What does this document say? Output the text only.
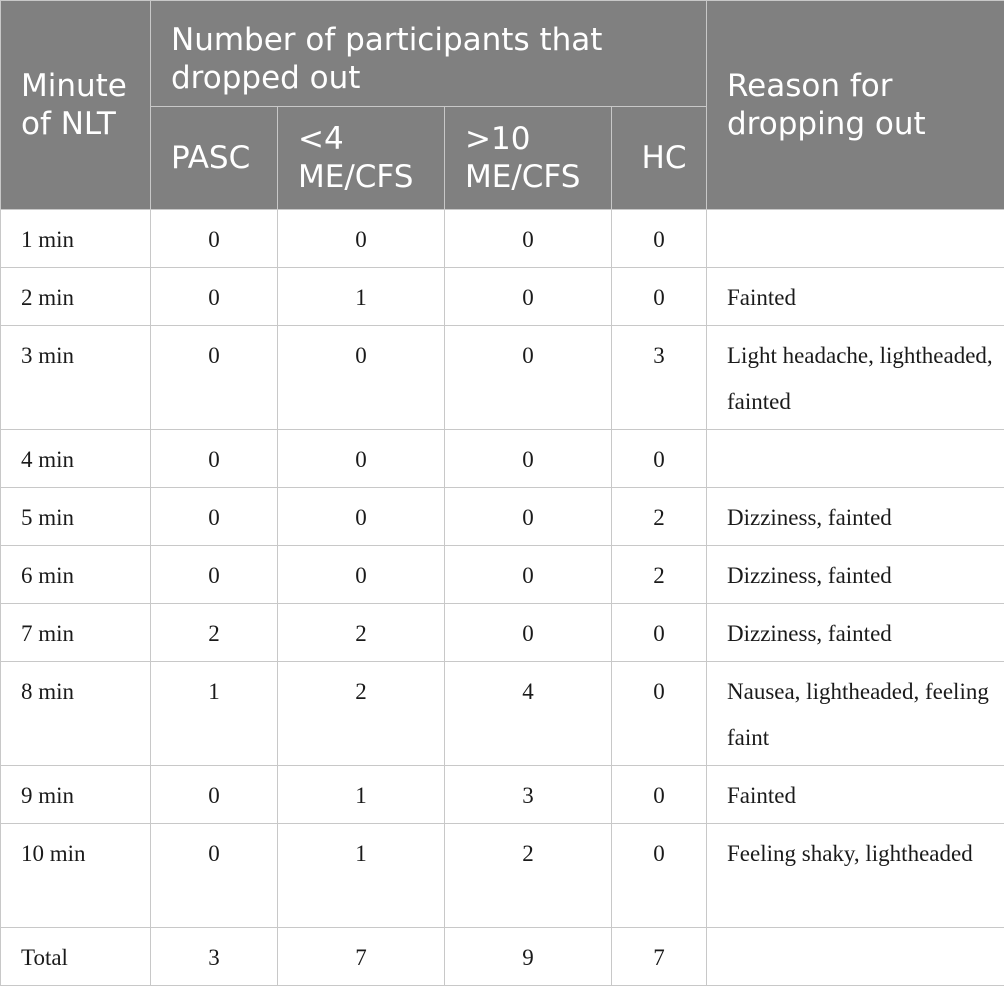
Minute of NLT	Number of participants that dropped out				Reason for dropping out
	PASC	<4 ME/CFS	>10 ME/CFS	HC	
1 min	0	0	0	0	
2 min	0	1	0	0	Fainted
3 min	0	0	0	3	Light headache, lightheaded, fainted
4 min	0	0	0	0	
5 min	0	0	0	2	Dizziness, fainted
6 min	0	0	0	2	Dizziness, fainted
7 min	2	2	0	0	Dizziness, fainted
8 min	1	2	4	0	Nausea, lightheaded, feeling faint
9 min	0	1	3	0	Fainted
10 min	0	1	2	0	Feeling shaky, lightheaded
Total	3	7	9	7	
